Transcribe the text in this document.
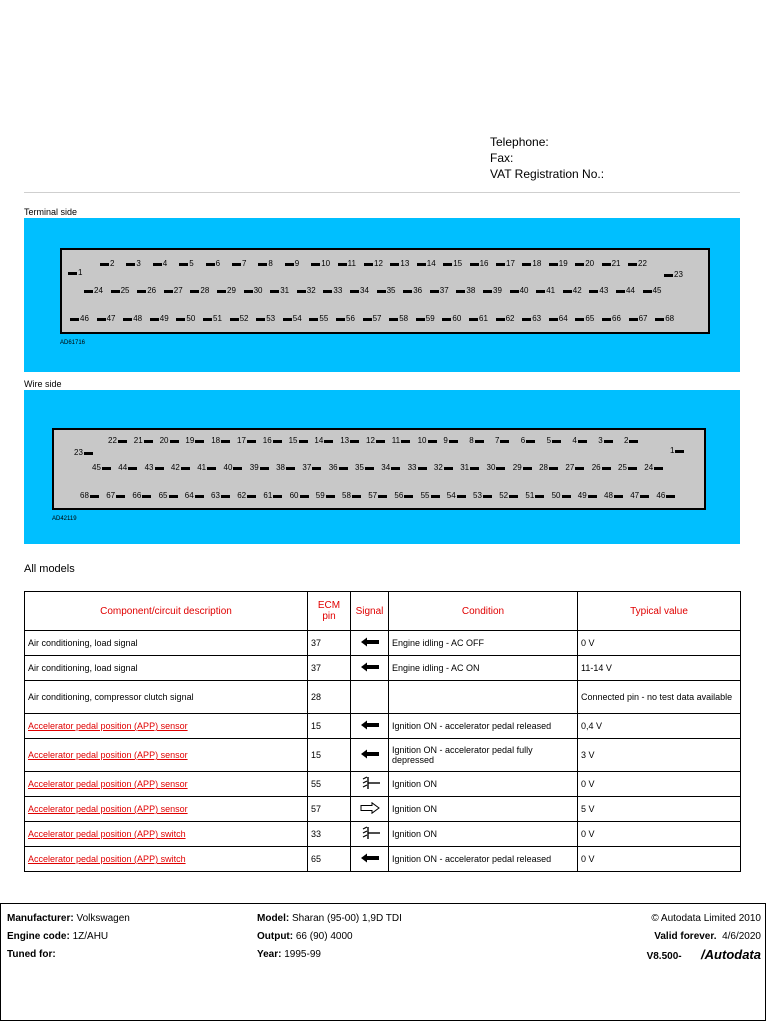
Telephone:
Fax:
VAT Registration No.:
Terminal side
2	3	4	5	6	7	8	9	10	11	12	13	14	15	16	17	18	19	20	21	22
24	25	26	27	28	29	30	31	32	33	34	35	36	37	38	39	40	41	42	43	44	45
46	47	48	49	50	51	52	53	54	55	56	57	58	59	60	61	62	63	64	65	66	67	68
1	23
AD61716
Wire side
22	21	20	19	18	17	16	15	14	13	12	11	10	9	8	7	6	5	4	3	2
45	44	43	42	41	40	39	38	37	36	35	34	33	32	31	30	29	28	27	26	25	24
68	67	66	65	64	63	62	61	60	59	58	57	56	55	54	53	52	51	50	49	48	47	46
23	1
AD42119
All models
Component/circuit description	ECM pin	Signal	Condition	Typical value
Air conditioning, load signal	37		Engine idling - AC OFF	0 V
Air conditioning, load signal	37		Engine idling - AC ON	11-14 V
Air conditioning, compressor clutch signal	28			Connected pin - no test data available
Accelerator pedal position (APP) sensor	15		Ignition ON - accelerator pedal released	0,4 V
Accelerator pedal position (APP) sensor	15		Ignition ON - accelerator pedal fully depressed	3 V
Accelerator pedal position (APP) sensor	55		Ignition ON	0 V
Accelerator pedal position (APP) sensor	57		Ignition ON	5 V
Accelerator pedal position (APP) switch	33		Ignition ON	0 V
Accelerator pedal position (APP) switch	65		Ignition ON - accelerator pedal released	0 V
Manufacturer: Volkswagen
Engine code: 1Z/AHU
Tuned for:
Model: Sharan (95-00) 1,9D TDI
Output: 66 (90) 4000
Year: 1995-99
© Autodata Limited 2010
Valid forever. 4/6/2020
V8.500- /Autodata
